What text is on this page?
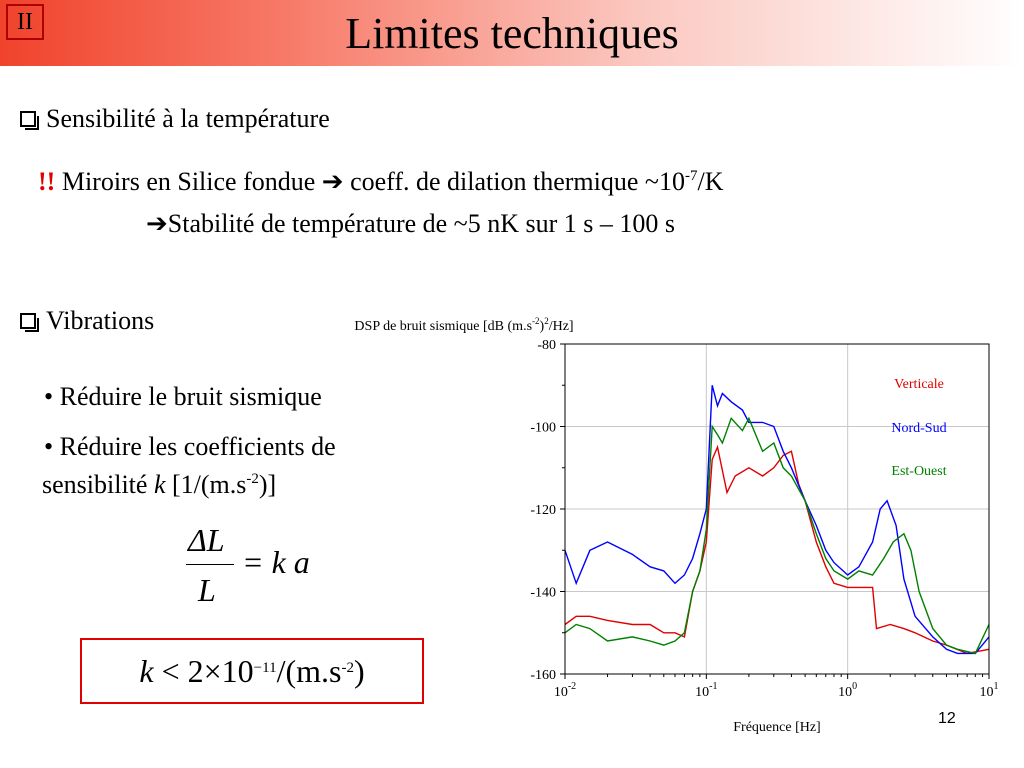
II	Limites techniques
Sensibilité à la température
!! Miroirs en Silice fondue ➔ coeff. de dilation thermique $\sim 10^{-7}/K$
➔Stabilité de température de ~5 nK sur 1 s – 100 s
Vibrations
• Réduire le bruit sismique
• Réduire les coefficients de
sensibilité k $[1/(m.s^{-2})]$
ΔL
L
= k a
$k < 2\times 10^{-11}/(m.s^{-2})$
-80
-100
-120
-140
-160
$10^{-2}$	$10^{-1}$	$10^0$	$10^1$
Fréquence [Hz]
DSP de bruit sismique [dB $(m.s^{-2})^2/Hz$]
Verticale
Nord-Sud
Est-Ouest
12
